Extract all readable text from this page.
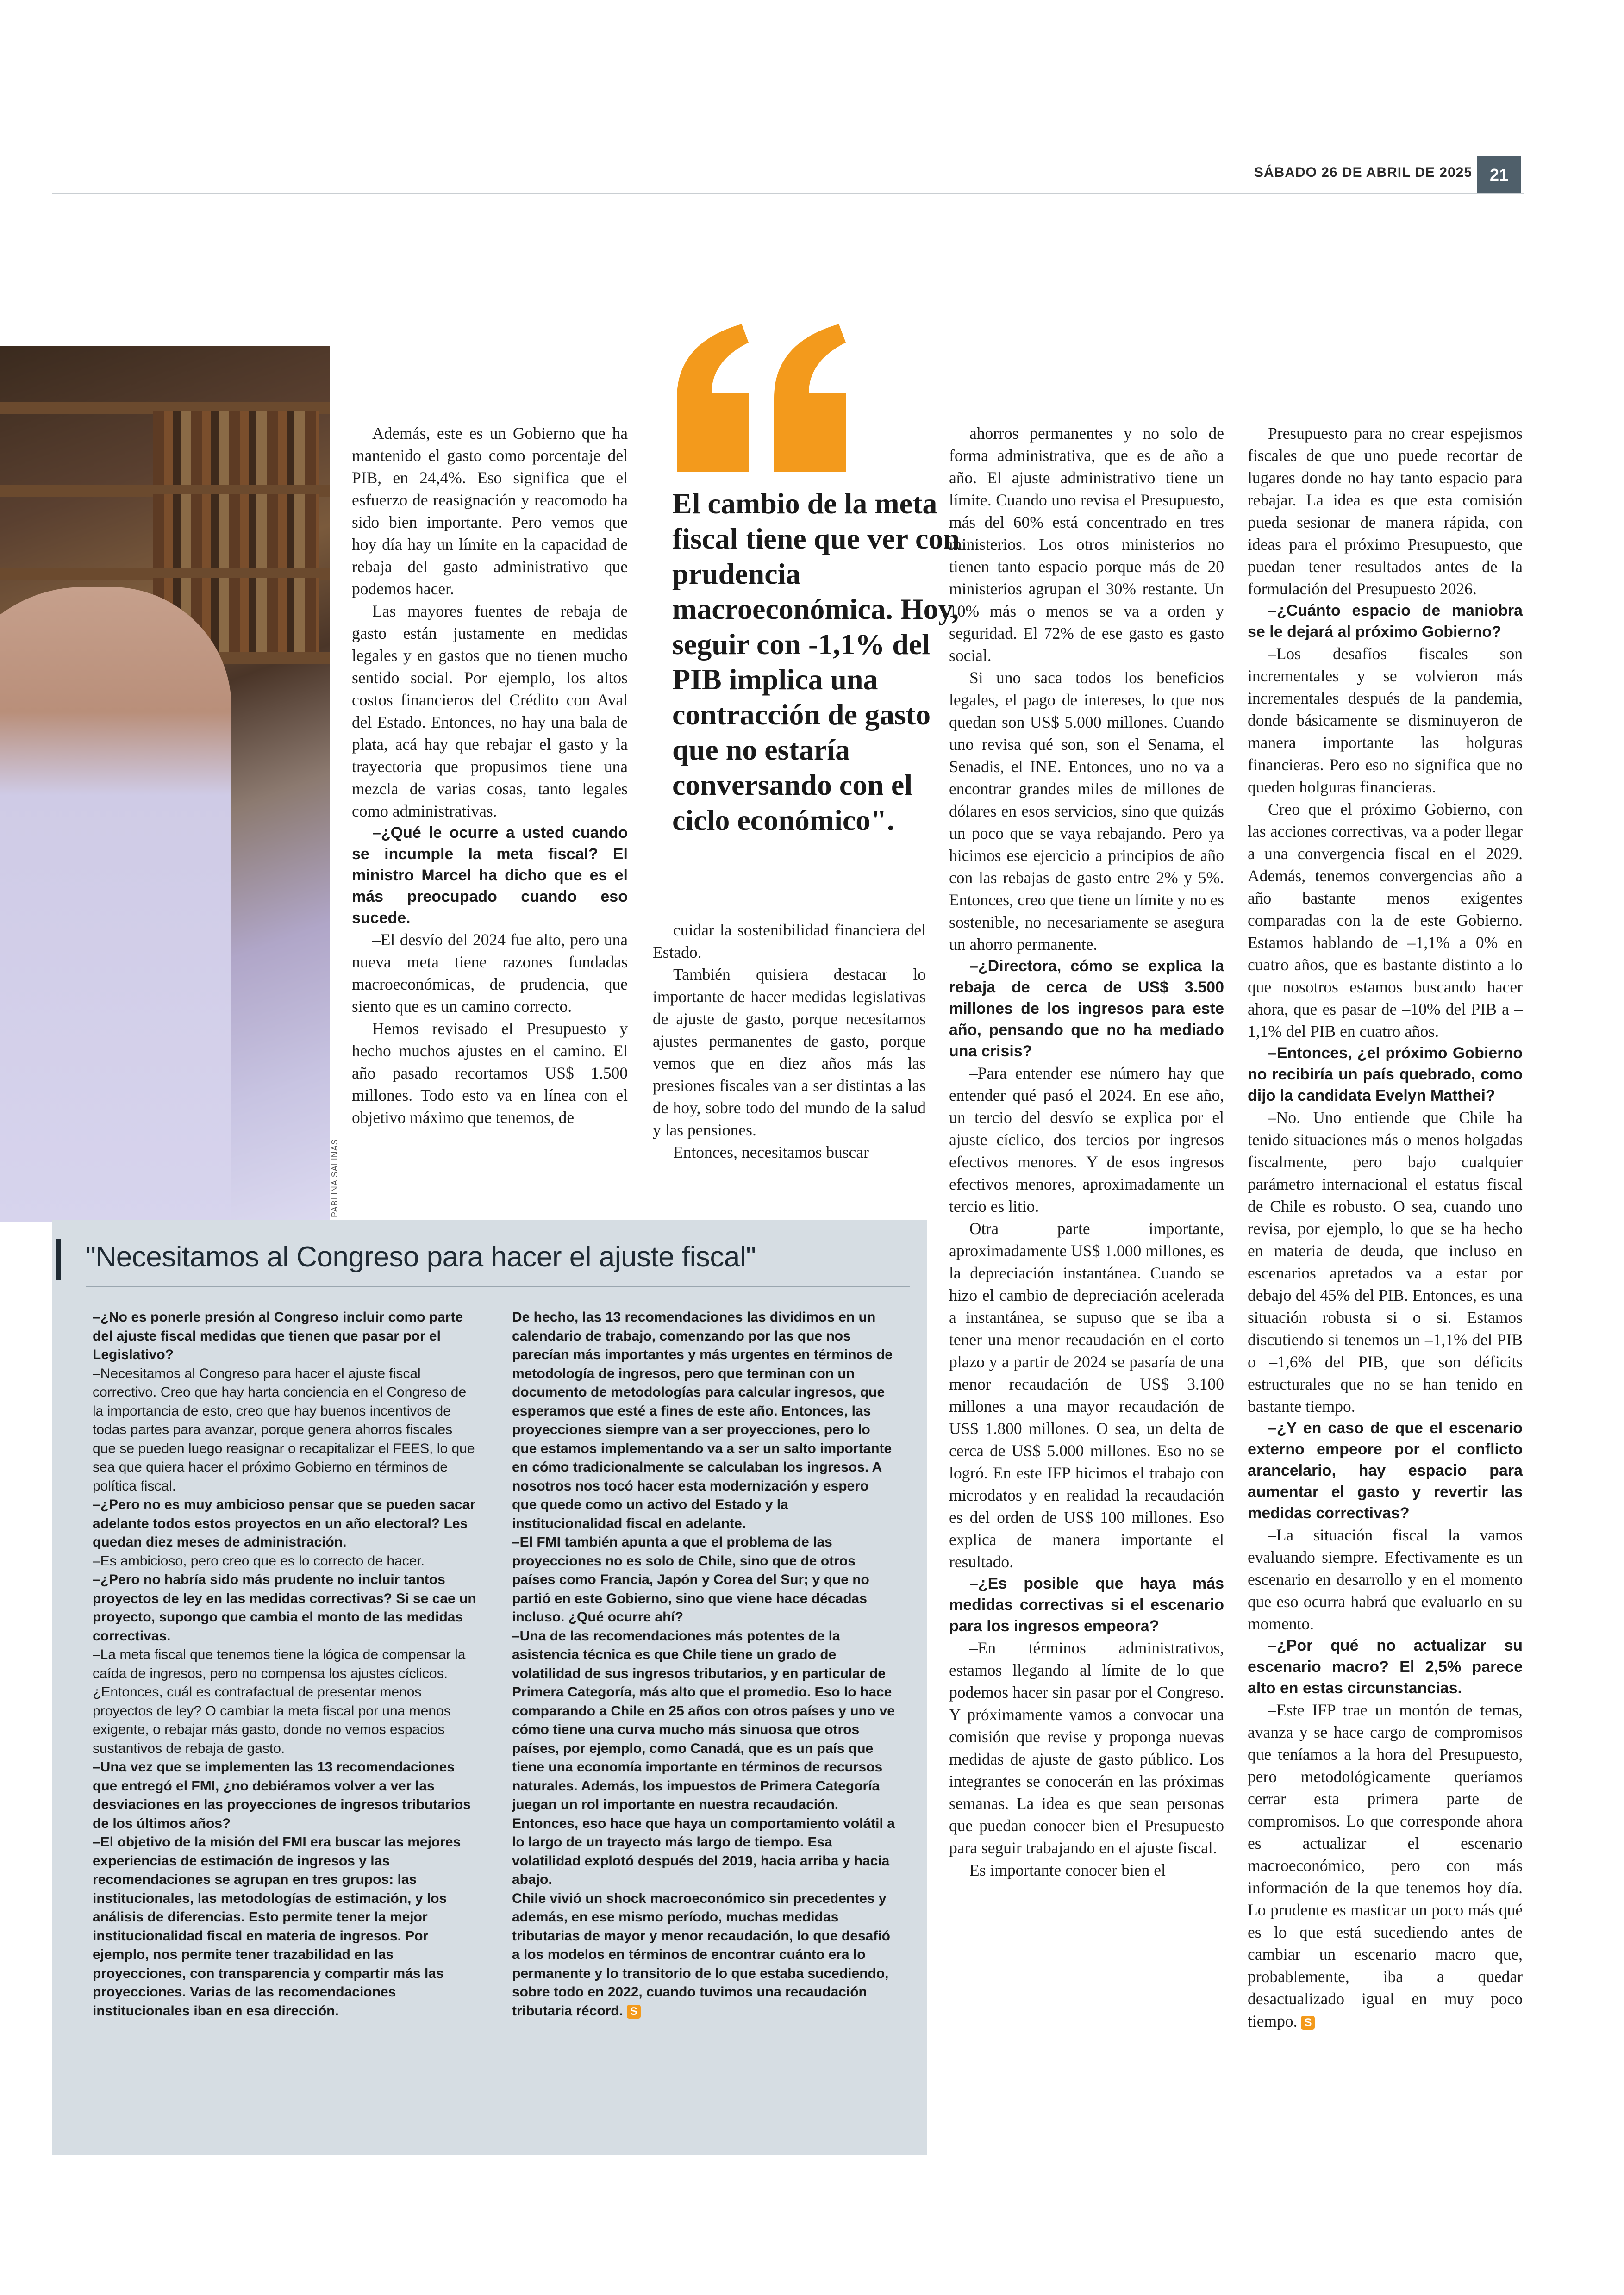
SÁBADO 26 DE ABRIL DE 2025	21
PABLINA SALINAS

Además, este es un Gobierno que ha mantenido el gasto como porcentaje del PIB, en 24,4%. Eso significa que el esfuerzo de reasignación y reacomodo ha sido bien importante. Pero vemos que hoy día hay un límite en la capacidad de rebaja del gasto administrativo que podemos hacer.

Las mayores fuentes de rebaja de gasto están justamente en medidas legales y en gastos que no tienen mucho sentido social. Por ejemplo, los altos costos financieros del Crédito con Aval del Estado. Entonces, no hay una bala de plata, acá hay que rebajar el gasto y la trayectoria que propusimos tiene una mezcla de varias cosas, tanto legales como administrativas.

–¿Qué le ocurre a usted cuando se incumple la meta fiscal? El ministro Marcel ha dicho que es el más preocupado cuando eso sucede.

–El desvío del 2024 fue alto, pero una nueva meta tiene razones fundadas macroeconómicas, de prudencia, que siento que es un camino correcto.

Hemos revisado el Presupuesto y hecho muchos ajustes en el camino. El año pasado recortamos US$ 1.500 millones. Todo esto va en línea con el objetivo máximo que tenemos, de

cuidar la sostenibilidad financiera del Estado.

También quisiera destacar lo importante de hacer medidas legislativas de ajuste de gasto, porque necesitamos ajustes permanentes de gasto, porque vemos que en diez años más las presiones fiscales van a ser distintas a las de hoy, sobre todo del mundo de la salud y las pensiones.

Entonces, necesitamos buscar

ahorros permanentes y no solo de forma administrativa, que es de año a año. El ajuste administrativo tiene un límite. Cuando uno revisa el Presupuesto, más del 60% está concentrado en tres ministerios. Los otros ministerios no tienen tanto espacio porque más de 20 ministerios agrupan el 30% restante. Un 10% más o menos se va a orden y seguridad. El 72% de ese gasto es gasto social.

Si uno saca todos los beneficios legales, el pago de intereses, lo que nos quedan son US$ 5.000 millones. Cuando uno revisa qué son, son el Senama, el Senadis, el INE. Entonces, uno no va a encontrar grandes miles de millones de dólares en esos servicios, sino que quizás un poco que se vaya rebajando. Pero ya hicimos ese ejercicio a principios de año con las rebajas de gasto entre 2% y 5%. Entonces, creo que tiene un límite y no es sostenible, no necesariamente se asegura un ahorro permanente.

–¿Directora, cómo se explica la rebaja de cerca de US$ 3.500 millones de los ingresos para este año, pensando que no ha mediado una crisis?

–Para entender ese número hay que entender qué pasó el 2024. En ese año, un tercio del desvío se explica por el ajuste cíclico, dos tercios por ingresos efectivos menores. Y de esos ingresos efectivos menores, aproximadamente un tercio es litio.

Otra parte importante, aproximadamente US$ 1.000 millones, es la depreciación instantánea. Cuando se hizo el cambio de depreciación acelerada a instantánea, se supuso que se iba a tener una menor recaudación en el corto plazo y a partir de 2024 se pasaría de una menor recaudación de US$ 3.100 millones a una mayor recaudación de US$ 1.800 millones. O sea, un delta de cerca de US$ 5.000 millones. Eso no se logró. En este IFP hicimos el trabajo con microdatos y en realidad la recaudación es del orden de US$ 100 millones. Eso explica de manera importante el resultado.

–¿Es posible que haya más medidas correctivas si el escenario para los ingresos empeora?

–En términos administrativos, estamos llegando al límite de lo que podemos hacer sin pasar por el Congreso. Y próximamente vamos a convocar una comisión que revise y proponga nuevas medidas de ajuste de gasto público. Los integrantes se conocerán en las próximas semanas. La idea es que sean personas que puedan conocer bien el Presupuesto para seguir trabajando en el ajuste fiscal.

Es importante conocer bien el

Presupuesto para no crear espejismos fiscales de que uno puede recortar de lugares donde no hay tanto espacio para rebajar. La idea es que esta comisión pueda sesionar de manera rápida, con ideas para el próximo Presupuesto, que puedan tener resultados antes de la formulación del Presupuesto 2026.

–¿Cuánto espacio de maniobra se le dejará al próximo Gobierno?

–Los desafíos fiscales son incrementales y se volvieron más incrementales después de la pandemia, donde básicamente se disminuyeron de manera importante las holguras financieras. Pero eso no significa que no queden holguras financieras.

Creo que el próximo Gobierno, con las acciones correctivas, va a poder llegar a una convergencia fiscal en el 2029. Además, tenemos convergencias año a año bastante menos exigentes comparadas con la de este Gobierno. Estamos hablando de –1,1% a 0% en cuatro años, que es bastante distinto a lo que nosotros estamos buscando hacer ahora, que es pasar de –10% del PIB a –1,1% del PIB en cuatro años.

–Entonces, ¿el próximo Gobierno no recibiría un país quebrado, como dijo la candidata Evelyn Matthei?

–No. Uno entiende que Chile ha tenido situaciones más o menos holgadas fiscalmente, pero bajo cualquier parámetro internacional el estatus fiscal de Chile es robusto. O sea, cuando uno revisa, por ejemplo, lo que se ha hecho en materia de deuda, que incluso en escenarios apretados va a estar por debajo del 45% del PIB. Entonces, es una situación robusta si o si. Estamos discutiendo si tenemos un –1,1% del PIB o –1,6% del PIB, que son déficits estructurales que no se han tenido en bastante tiempo.

–¿Y en caso de que el escenario externo empeore por el conflicto arancelario, hay espacio para aumentar el gasto y revertir las medidas correctivas?

–La situación fiscal la vamos evaluando siempre. Efectivamente es un escenario en desarrollo y en el momento que eso ocurra habrá que evaluarlo en su momento.

–¿Por qué no actualizar su escenario macro? El 2,5% parece alto en estas circunstancias.

–Este IFP trae un montón de temas, avanza y se hace cargo de compromisos que teníamos a la hora del Presupuesto, pero metodológicamente queríamos cerrar esta primera parte de compromisos. Lo que corresponde ahora es actualizar el escenario macroeconómico, pero con más información de la que tenemos hoy día. Lo prudente es masticar un poco más qué es lo que está sucediendo antes de cambiar un escenario macro que, probablemente, iba a quedar desactualizado igual en muy poco tiempo. S

El cambio de la meta fiscal tiene que ver con prudencia macroeconómica. Hoy, seguir con -1,1% del PIB implica una contracción de gasto que no estaría conversando con el ciclo económico".
"Necesitamos al Congreso para hacer el ajuste fiscal"

–¿No es ponerle presión al Congreso incluir como parte del ajuste fiscal medidas que tienen que pasar por el Legislativo?

–Necesitamos al Congreso para hacer el ajuste fiscal correctivo. Creo que hay harta conciencia en el Congreso de la importancia de esto, creo que hay buenos incentivos de todas partes para avanzar, porque genera ahorros fiscales que se pueden luego reasignar o recapitalizar el FEES, lo que sea que quiera hacer el próximo Gobierno en términos de política fiscal.

–¿Pero no es muy ambicioso pensar que se pueden sacar adelante todos estos proyectos en un año electoral? Les quedan diez meses de administración.

–Es ambicioso, pero creo que es lo correcto de hacer.

–¿Pero no habría sido más prudente no incluir tantos proyectos de ley en las medidas correctivas? Si se cae un proyecto, supongo que cambia el monto de las medidas correctivas.

–La meta fiscal que tenemos tiene la lógica de compensar la caída de ingresos, pero no compensa los ajustes cíclicos. ¿Entonces, cuál es contrafactual de presentar menos proyectos de ley? O cambiar la meta fiscal por una menos exigente, o rebajar más gasto, donde no vemos espacios sustantivos de rebaja de gasto.

–Una vez que se implementen las 13 recomendaciones que entregó el FMI, ¿no debiéramos volver a ver las desviaciones en las proyecciones de ingresos tributarios de los últimos años?

–El objetivo de la misión del FMI era buscar las mejores experiencias de estimación de ingresos y las recomendaciones se agrupan en tres grupos: las institucionales, las metodologías de estimación, y los análisis de diferencias. Esto permite tener la mejor institucionalidad fiscal en materia de ingresos. Por ejemplo, nos permite tener trazabilidad en las proyecciones, con transparencia y compartir más las proyecciones. Varias de las recomendaciones institucionales iban en esa dirección.

De hecho, las 13 recomendaciones las dividimos en un calendario de trabajo, comenzando por las que nos parecían más importantes y más urgentes en términos de metodología de ingresos, pero que terminan con un documento de metodologías para calcular ingresos, que esperamos que esté a fines de este año. Entonces, las proyecciones siempre van a ser proyecciones, pero lo que estamos implementando va a ser un salto importante en cómo tradicionalmente se calculaban los ingresos. A nosotros nos tocó hacer esta modernización y espero que quede como un activo del Estado y la institucionalidad fiscal en adelante.

–El FMI también apunta a que el problema de las proyecciones no es solo de Chile, sino que de otros países como Francia, Japón y Corea del Sur; y que no partió en este Gobierno, sino que viene hace décadas incluso. ¿Qué ocurre ahí?

–Una de las recomendaciones más potentes de la asistencia técnica es que Chile tiene un grado de volatilidad de sus ingresos tributarios, y en particular de Primera Categoría, más alto que el promedio. Eso lo hace comparando a Chile en 25 años con otros países y uno ve cómo tiene una curva mucho más sinuosa que otros países, por ejemplo, como Canadá, que es un país que tiene una economía importante en términos de recursos naturales. Además, los impuestos de Primera Categoría juegan un rol importante en nuestra recaudación. Entonces, eso hace que haya un comportamiento volátil a lo largo de un trayecto más largo de tiempo. Esa volatilidad explotó después del 2019, hacia arriba y hacia abajo.

Chile vivió un shock macroeconómico sin precedentes y además, en ese mismo período, muchas medidas tributarias de mayor y menor recaudación, lo que desafió a los modelos en términos de encontrar cuánto era lo permanente y lo transitorio de lo que estaba sucediendo, sobre todo en 2022, cuando tuvimos una recaudación tributaria récord. S
